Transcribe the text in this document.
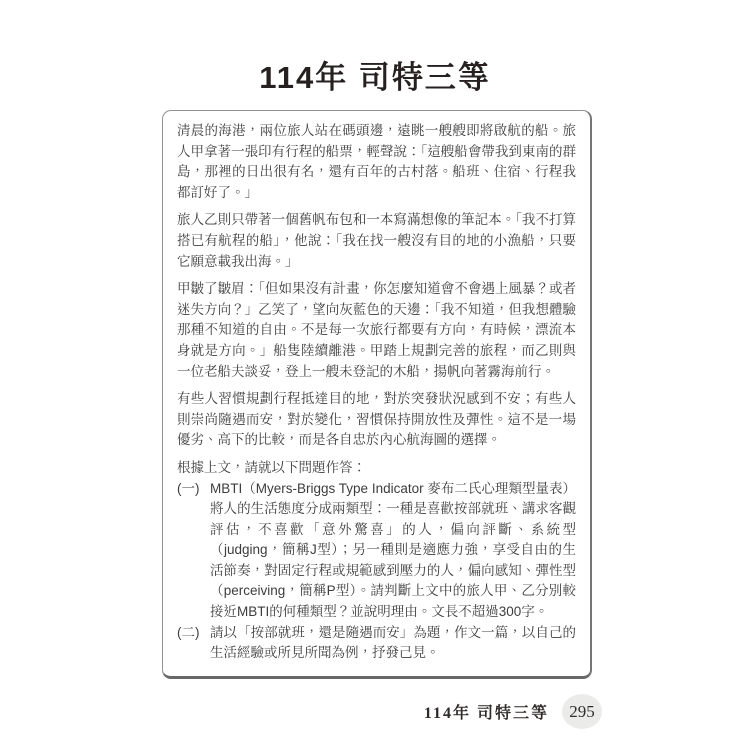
114年 司特三等

清晨的海港，兩位旅人站在碼頭邊，遠眺一艘艘即將啟航的船。旅人甲拿著一張印有行程的船票，輕聲說：「這艘船會帶我到東南的群島，那裡的日出很有名，還有百年的古村落。船班、住宿、行程我都訂好了。」

旅人乙則只帶著一個舊帆布包和一本寫滿想像的筆記本。「我不打算搭已有航程的船」，他說：「我在找一艘沒有目的地的小漁船，只要它願意載我出海。」

甲皺了皺眉：「但如果沒有計畫，你怎麼知道會不會遇上風暴？或者迷失方向？」乙笑了，望向灰藍色的天邊：「我不知道，但我想體驗那種不知道的自由。不是每一次旅行都要有方向，有時候，漂流本身就是方向。」船隻陸續離港。甲踏上規劃完善的旅程，而乙則與一位老船夫談妥，登上一艘未登記的木船，揚帆向著霧海前行。

有些人習慣規劃行程抵達目的地，對於突發狀況感到不安；有些人則崇尚隨遇而安，對於變化，習慣保持開放性及彈性。這不是一場優劣、高下的比較，而是各自忠於內心航海圖的選擇。

根據上文，請就以下問題作答：

(一) MBTI（Myers-Briggs Type Indicator 麥布二氏心理類型量表）將人的生活態度分成兩類型：一種是喜歡按部就班、講求客觀評估，不喜歡「意外驚喜」的人，偏向評斷、系統型（judging，簡稱J型）；另一種則是適應力強，享受自由的生活節奏，對固定行程或規範感到壓力的人，偏向感知、彈性型（perceiving，簡稱P型）。請判斷上文中的旅人甲、乙分別較接近MBTI的何種類型？並說明理由。文長不超過300字。
(二) 請以「按部就班，還是隨遇而安」為題，作文一篇，以自己的生活經驗或所見所聞為例，抒發己見。
114年 司特三等	295
